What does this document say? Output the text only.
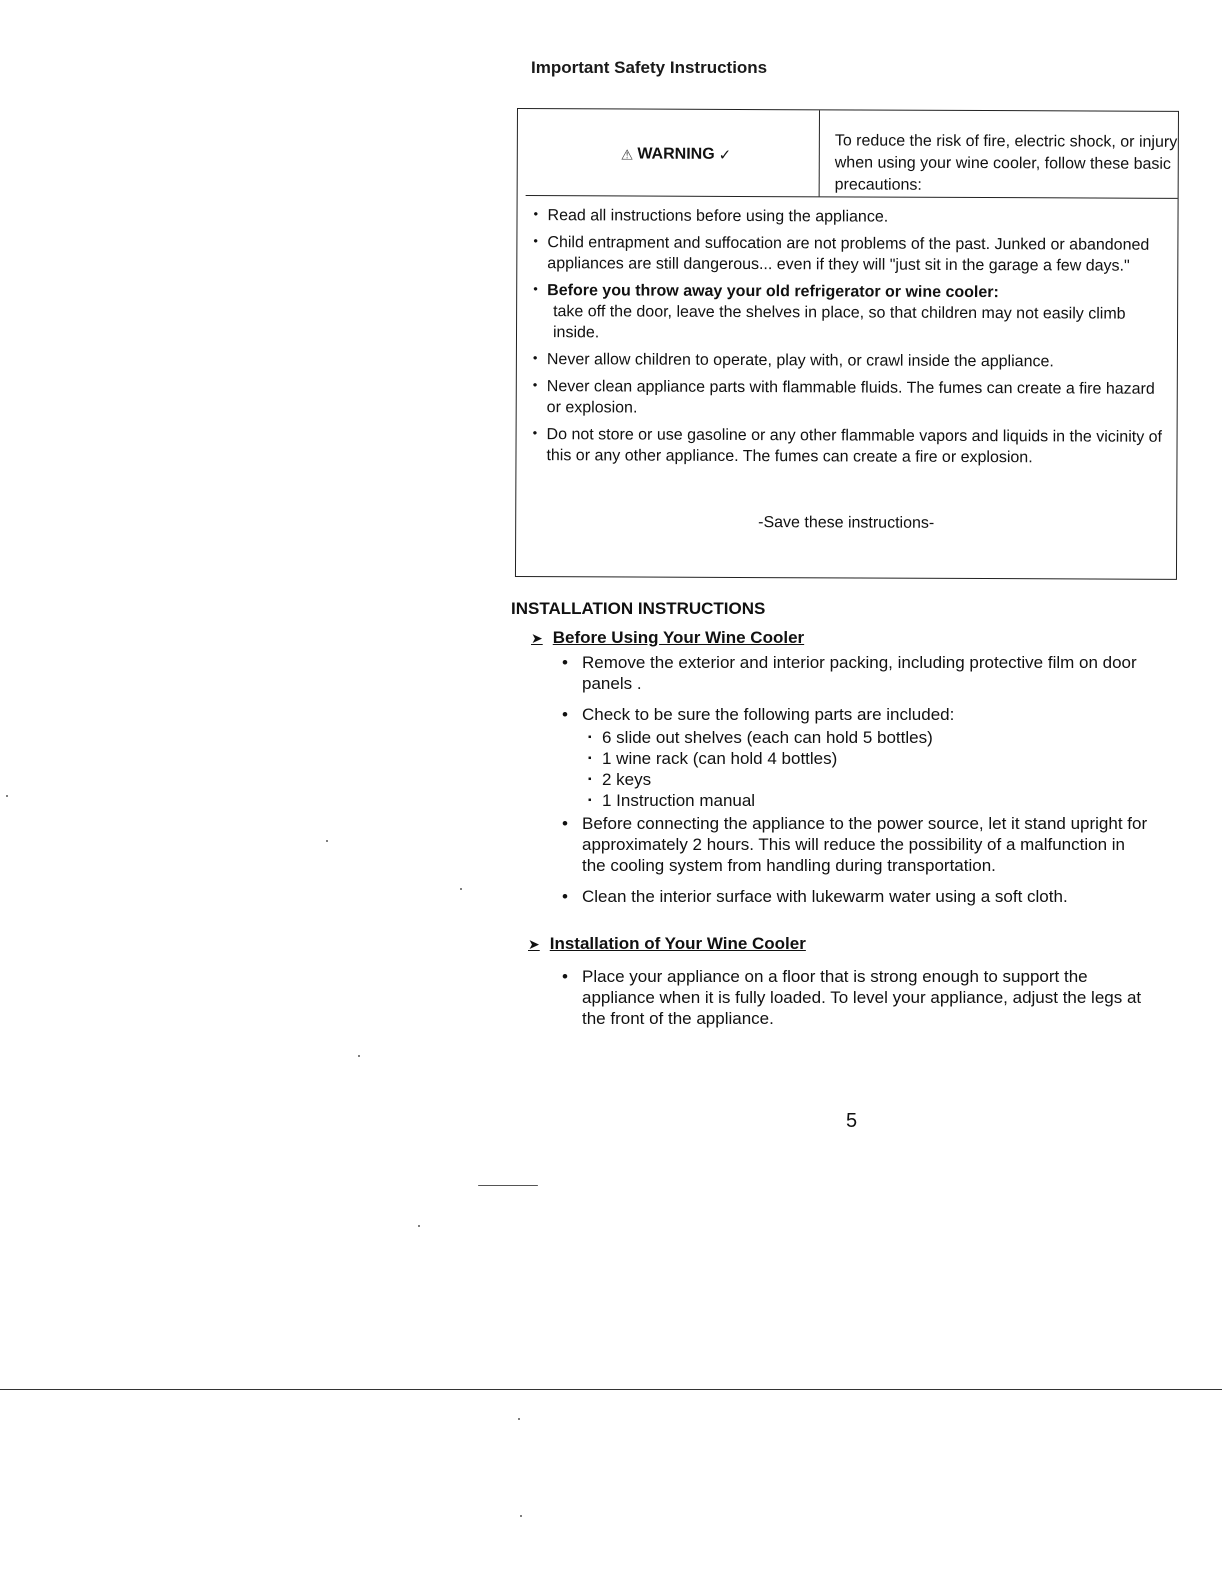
Important Safety Instructions
⚠ WARNING ✓
To reduce the risk of fire, electric shock, or injury when using your wine cooler, follow these basic precautions:
• Read all instructions before using the appliance.
• Child entrapment and suffocation are not problems of the past. Junked or abandoned appliances are still dangerous... even if they will "just sit in the garage a few days."
• Before you throw away your old refrigerator or wine cooler:
take off the door, leave the shelves in place, so that children may not easily climb inside.
• Never allow children to operate, play with, or crawl inside the appliance.
• Never clean appliance parts with flammable fluids. The fumes can create a fire hazard or explosion.
• Do not store or use gasoline or any other flammable vapors and liquids in the vicinity of this or any other appliance. The fumes can create a fire or explosion.
-Save these instructions-
INSTALLATION INSTRUCTIONS
➤ Before Using Your Wine Cooler
• Remove the exterior and interior packing, including protective film on door panels .
• Check to be sure the following parts are included:
▪ 6 slide out shelves (each can hold 5 bottles)
▪ 1 wine rack (can hold 4 bottles)
▪ 2 keys
▪ 1 Instruction manual
• Before connecting the appliance to the power source, let it stand upright for approximately 2 hours. This will reduce the possibility of a malfunction in the cooling system from handling during transportation.
• Clean the interior surface with lukewarm water using a soft cloth.
➤ Installation of Your Wine Cooler
• Place your appliance on a floor that is strong enough to support the appliance when it is fully loaded. To level your appliance, adjust the legs at the front of the appliance.
5
